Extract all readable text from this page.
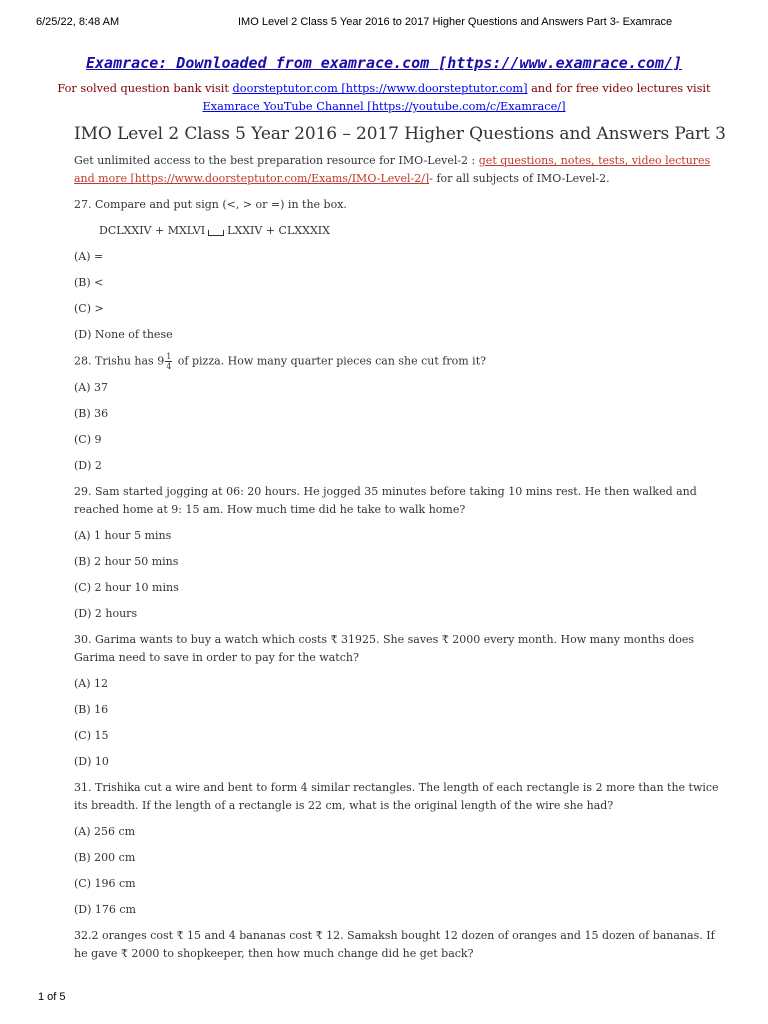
6/25/22, 8:48 AM	IMO Level 2 Class 5 Year 2016 to 2017 Higher Questions and Answers Part 3- Examrace
Examrace: Downloaded from examrace.com [https://www.examrace.com/]
For solved question bank visit doorsteptutor.com [https://www.doorsteptutor.com] and for free video lectures visit
Examrace YouTube Channel [https://youtube.com/c/Examrace/]
IMO Level 2 Class 5 Year 2016 – 2017 Higher Questions and Answers Part 3

Get unlimited access to the best preparation resource for IMO-Level-2 : get questions, notes, tests, video lectures
and more [https://www.doorsteptutor.com/Exams/IMO-Level-2/]- for all subjects of IMO-Level-2.

27. Compare and put sign (<, > or =) in the box.

DCLXXIV + MXLVI LXXIV + CLXXXIX

(A) =

(B) <

(C) >

(D) None of these

28. Trishu has $9 \frac{1}{4}$ of pizza. How many quarter pieces can she cut from it?

(A) 37

(B) 36

(C) 9

(D) 2

29. Sam started jogging at 06: 20 hours. He jogged 35 minutes before taking 10 mins rest. He then walked and
reached home at 9: 15 am. How much time did he take to walk home?

(A) 1 hour 5 mins

(B) 2 hour 50 mins

(C) 2 hour 10 mins

(D) 2 hours

30. Garima wants to buy a watch which costs ₹ 31925. She saves ₹ 2000 every month. How many months does
Garima need to save in order to pay for the watch?

(A) 12

(B) 16

(C) 15

(D) 10

31. Trishika cut a wire and bent to form 4 similar rectangles. The length of each rectangle is 2 more than the twice
its breadth. If the length of a rectangle is 22 cm, what is the original length of the wire she had?

(A) 256 cm

(B) 200 cm

(C) 196 cm

(D) 176 cm

32.2 oranges cost ₹ 15 and 4 bananas cost ₹ 12. Samaksh bought 12 dozen of oranges and 15 dozen of bananas. If
he gave ₹ 2000 to shopkeeper, then how much change did he get back?

1 of 5
